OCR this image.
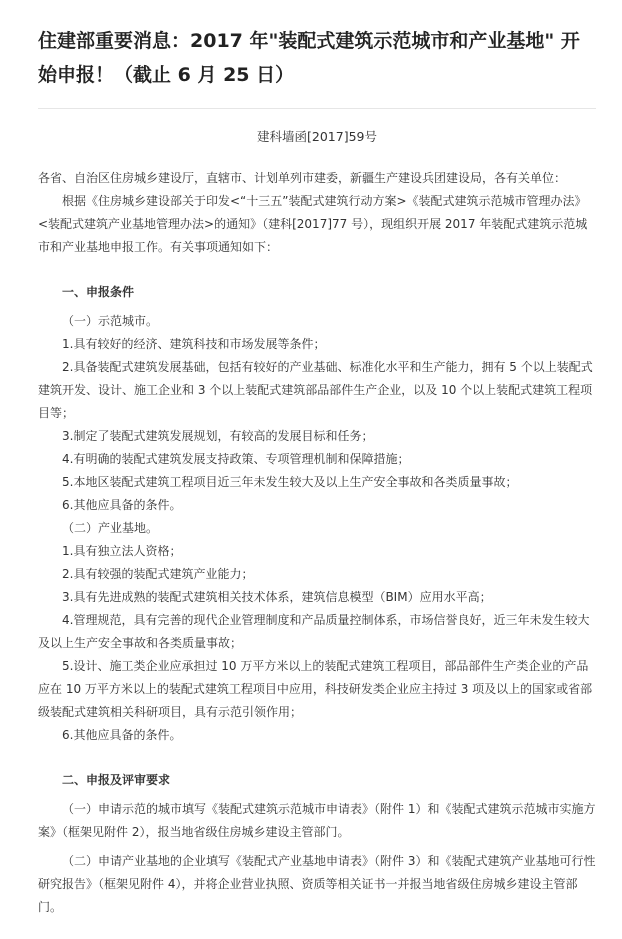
住建部重要消息：2017 年"装配式建筑示范城市和产业基地" 开始申报！（截止 6 月 25 日）
建科墙函[2017]59号

各省、自治区住房城乡建设厅，直辖市、计划单列市建委，新疆生产建设兵团建设局，各有关单位：

根据《住房城乡建设部关于印发<“十三五”装配式建筑行动方案>《装配式建筑示范城市管理办法》<装配式建筑产业基地管理办法>的通知》（建科[2017]77 号），现组织开展 2017 年装配式建筑示范城市和产业基地申报工作。有关事项通知如下：

一、申报条件

（一）示范城市。

1.具有较好的经济、建筑科技和市场发展等条件；

2.具备装配式建筑发展基础，包括有较好的产业基础、标准化水平和生产能力，拥有 5 个以上装配式建筑开发、设计、施工企业和 3 个以上装配式建筑部品部件生产企业，以及 10 个以上装配式建筑工程项目等；

3.制定了装配式建筑发展规划，有较高的发展目标和任务；

4.有明确的装配式建筑发展支持政策、专项管理机制和保障措施；

5.本地区装配式建筑工程项目近三年未发生较大及以上生产安全事故和各类质量事故；

6.其他应具备的条件。

（二）产业基地。

1.具有独立法人资格；

2.具有较强的装配式建筑产业能力；

3.具有先进成熟的装配式建筑相关技术体系，建筑信息模型（BIM）应用水平高；

4.管理规范，具有完善的现代企业管理制度和产品质量控制体系，市场信誉良好，近三年未发生较大及以上生产安全事故和各类质量事故；

5.设计、施工类企业应承担过 10 万平方米以上的装配式建筑工程项目，部品部件生产类企业的产品应在 10 万平方米以上的装配式建筑工程项目中应用，科技研发类企业应主持过 3 项及以上的国家或省部级装配式建筑相关科研项目，具有示范引领作用；

6.其他应具备的条件。

二、申报及评审要求

（一）申请示范的城市填写《装配式建筑示范城市申请表》（附件 1）和《装配式建筑示范城市实施方案》（框架见附件 2），报当地省级住房城乡建设主管部门。

（二）申请产业基地的企业填写《装配式产业基地申请表》（附件 3）和《装配式建筑产业基地可行性研究报告》（框架见附件 4），并将企业营业执照、资质等相关证书一并报当地省级住房城乡建设主管部门。
